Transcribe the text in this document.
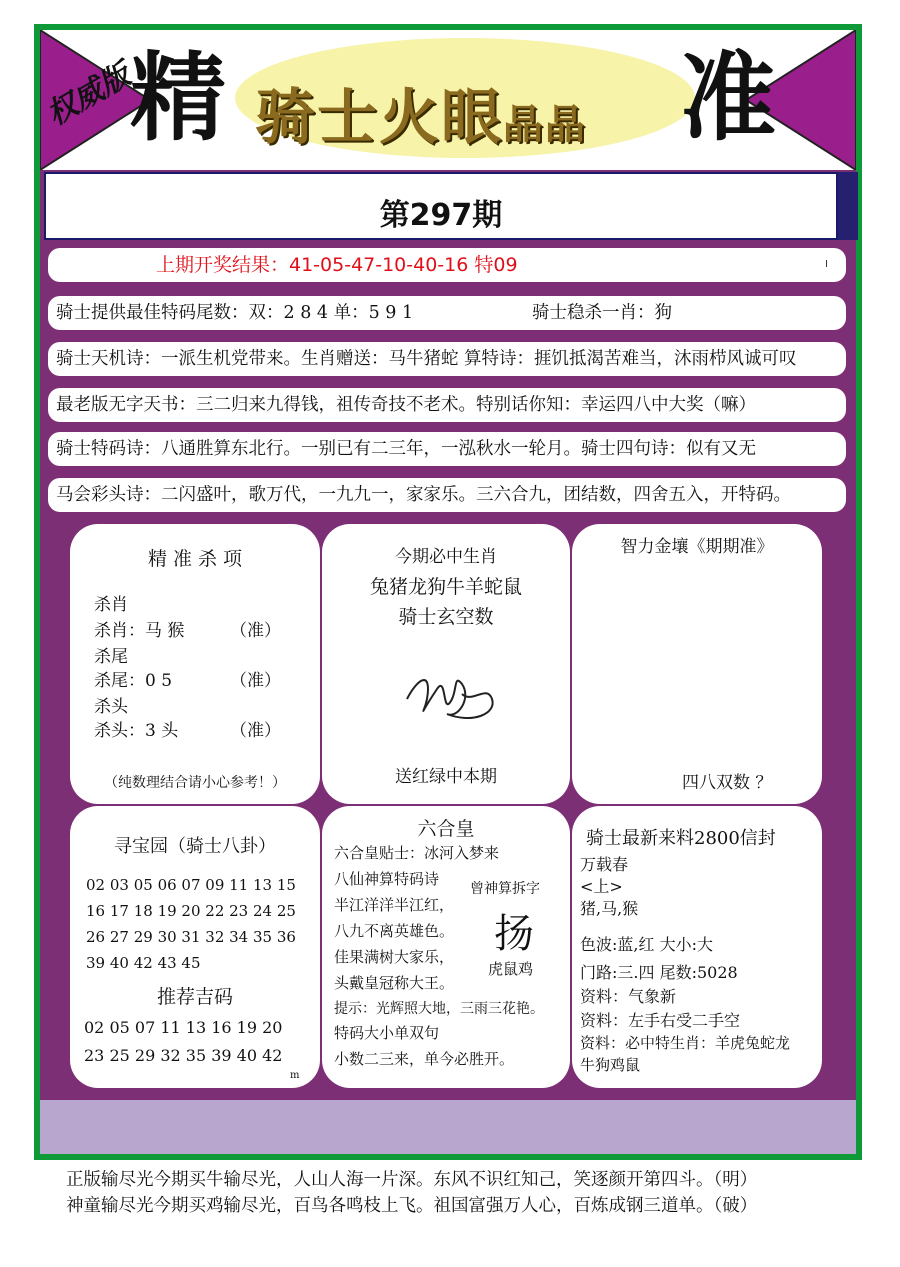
权威版
精 骑士火眼晶晶 准
第297期
上期开奖结果：41-05-47-10-40-16 特09	I
骑士提供最佳特码尾数：双：2 8 4 单：5 9 1	骑士稳杀一肖：狗
骑士天机诗：一派生机党带来。生肖赠送：马牛猪蛇 算特诗：捱饥抵渴苦难当，沐雨栉风诚可叹
最老版无字天书：三二归来九得钱，祖传奇技不老术。特别话你知：幸运四八中大奖（嘛）
骑士特码诗：八通胜算东北行。一别已有二三年，一泓秋水一轮月。骑士四句诗：似有又无
马会彩头诗：二闪盛叶，歌万代，一九九一，家家乐。三六合九，团结数，四舍五入，开特码。
精 准 杀 项
杀肖
杀肖：马 猴	（准）
杀尾
杀尾：0 5	（准）
杀头
杀头：3 头	（准）
（纯数理结合请小心参考！）
今期必中生肖
兔猪龙狗牛羊蛇鼠
骑士玄空数
送红绿中本期
智力金壤《期期准》
四八双数 ？
寻宝园（骑士八卦）
02 03 05 06 07 09 11 13 15
16 17 18 19 20 22 23 24 25
26 27 29 30 31 32 34 35 36
39 40 42 43 45
推荐吉码
02 05 07 11 13 16 19 20
23 25 29 32 35 39 40 42
m
六合皇
六合皇贴士：冰河入梦来
八仙神算特码诗
半江洋洋半江红，
八九不离英雄色。
佳果满树大家乐，
头戴皇冠称大王。
提示：光辉照大地，三雨三花艳。
特码大小单双句
小数二三来，单今必胜开。
曾神算拆字
扬
虎鼠鸡
骑士最新来料2800信封
万载春
<上>
猪,马,猴
色波:蓝,红 大小:大
门路:三.四 尾数:5028
资料：气象新
资料：左手右受二手空
资料：必中特生肖：羊虎兔蛇龙
牛狗鸡鼠
正版输尽光今期买牛输尽光，人山人海一片深。东风不识红知己，笑逐颜开第四斗。（明）
神童输尽光今期买鸡输尽光，百鸟各鸣枝上飞。祖国富强万人心，百炼成钢三道单。（破）
